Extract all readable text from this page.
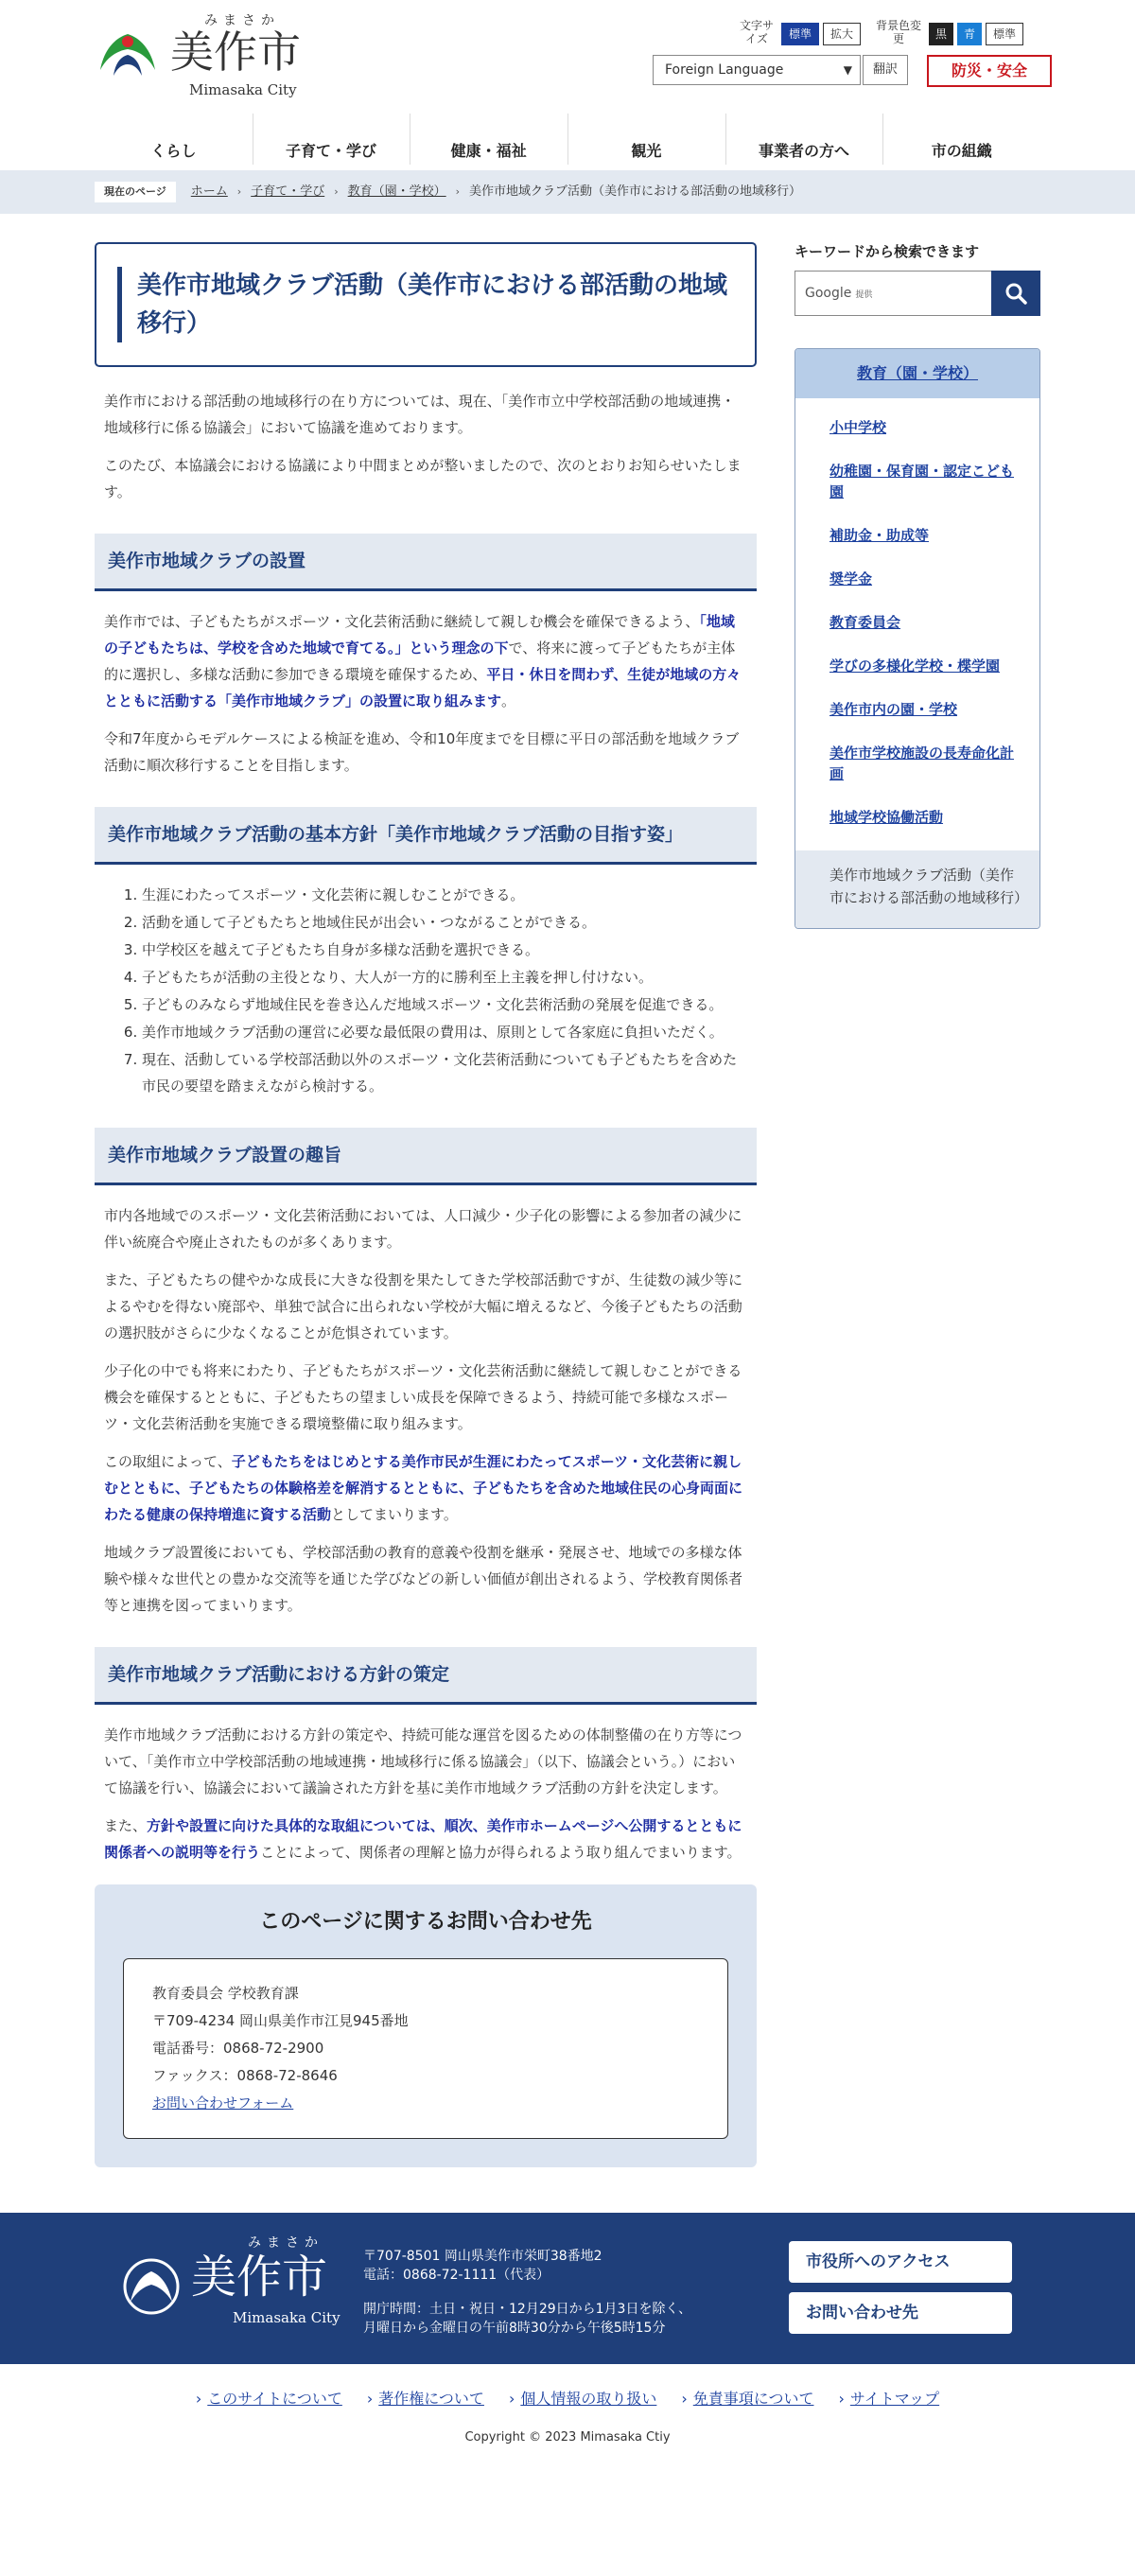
みまさか
美作市
Mimasaka City
文字サイズ	標準	拡大
背景色変更	黒	青	標準
Foreign Language	▼	翻訳	防災・安全
くらし	子育て・学び	健康・福祉	観光	事業者の方へ	市の組織
現在のページ	ホーム › 子育て・学び › 教育（園・学校） › 美作市地域クラブ活動（美作市における部活動の地域移行）
美作市地域クラブ活動（美作市における部活動の地域移行）

美作市における部活動の地域移行の在り方については、現在、「美作市立中学校部活動の地域連携・地域移行に係る協議会」において協議を進めております。

このたび、本協議会における協議により中間まとめが整いましたので、次のとおりお知らせいたします。

美作市地域クラブの設置

美作市では、子どもたちがスポーツ・文化芸術活動に継続して親しむ機会を確保できるよう、「地域の子どもたちは、学校を含めた地域で育てる。」という理念の下で、将来に渡って子どもたちが主体的に選択し、多様な活動に参加できる環境を確保するため、平日・休日を問わず、生徒が地域の方々とともに活動する「美作市地域クラブ」の設置に取り組みます。

令和7年度からモデルケースによる検証を進め、令和10年度までを目標に平日の部活動を地域クラブ活動に順次移行することを目指します。

美作市地域クラブ活動の基本方針「美作市地域クラブ活動の目指す姿」
1. 生涯にわたってスポーツ・文化芸術に親しむことができる。
2. 活動を通して子どもたちと地域住民が出会い・つながることができる。
3. 中学校区を越えて子どもたち自身が多様な活動を選択できる。
4. 子どもたちが活動の主役となり、大人が一方的に勝利至上主義を押し付けない。
5. 子どものみならず地域住民を巻き込んだ地域スポーツ・文化芸術活動の発展を促進できる。
6. 美作市地域クラブ活動の運営に必要な最低限の費用は、原則として各家庭に負担いただく。
7. 現在、活動している学校部活動以外のスポーツ・文化芸術活動についても子どもたちを含めた市民の要望を踏まえながら検討する。
美作市地域クラブ設置の趣旨

市内各地域でのスポーツ・文化芸術活動においては、人口減少・少子化の影響による参加者の減少に伴い統廃合や廃止されたものが多くあります。

また、子どもたちの健やかな成長に大きな役割を果たしてきた学校部活動ですが、生徒数の減少等によるやむを得ない廃部や、単独で試合に出られない学校が大幅に増えるなど、今後子どもたちの活動の選択肢がさらに少なくなることが危惧されています。

少子化の中でも将来にわたり、子どもたちがスポーツ・文化芸術活動に継続して親しむことができる機会を確保するとともに、子どもたちの望ましい成長を保障できるよう、持続可能で多様なスポーツ・文化芸術活動を実施できる環境整備に取り組みます。

この取組によって、子どもたちをはじめとする美作市民が生涯にわたってスポーツ・文化芸術に親しむとともに、子どもたちの体験格差を解消するとともに、子どもたちを含めた地域住民の心身両面にわたる健康の保持増進に資する活動としてまいります。

地域クラブ設置後においても、学校部活動の教育的意義や役割を継承・発展させ、地域での多様な体験や様々な世代との豊かな交流等を通じた学びなどの新しい価値が創出されるよう、学校教育関係者等と連携を図ってまいります。

美作市地域クラブ活動における方針の策定

美作市地域クラブ活動における方針の策定や、持続可能な運営を図るための体制整備の在り方等について、「美作市立中学校部活動の地域連携・地域移行に係る協議会」（以下、協議会という。）において協議を行い、協議会において議論された方針を基に美作市地域クラブ活動の方針を決定します。

また、方針や設置に向けた具体的な取組については、順次、美作市ホームページへ公開するとともに関係者への説明等を行うことによって、関係者の理解と協力が得られるよう取り組んでまいります。

このページに関するお問い合わせ先
教育委員会 学校教育課
〒709-4234 岡山県美作市江見945番地
電話番号：0868-72-2900
ファックス：0868-72-8646
お問い合わせフォーム
キーワードから検索できます
Google 提供
教育（園・学校）
小中学校
幼稚園・保育園・認定こども園
補助金・助成等
奨学金
教育委員会
学びの多様化学校・楪学園
美作市内の園・学校
美作市学校施設の長寿命化計画
地域学校協働活動
美作市地域クラブ活動（美作市における部活動の地域移行）
みまさか
美作市
Mimasaka City
〒707-8501 岡山県美作市栄町38番地2
電話：0868-72-1111（代表）
開庁時間：土日・祝日・12月29日から1月3日を除く、
月曜日から金曜日の午前8時30分から午後5時15分
市役所へのアクセス
お問い合わせ先
› このサイトについて › 著作権について › 個人情報の取り扱い › 免責事項について › サイトマップ
Copyright © 2023 Mimasaka Ctiy
